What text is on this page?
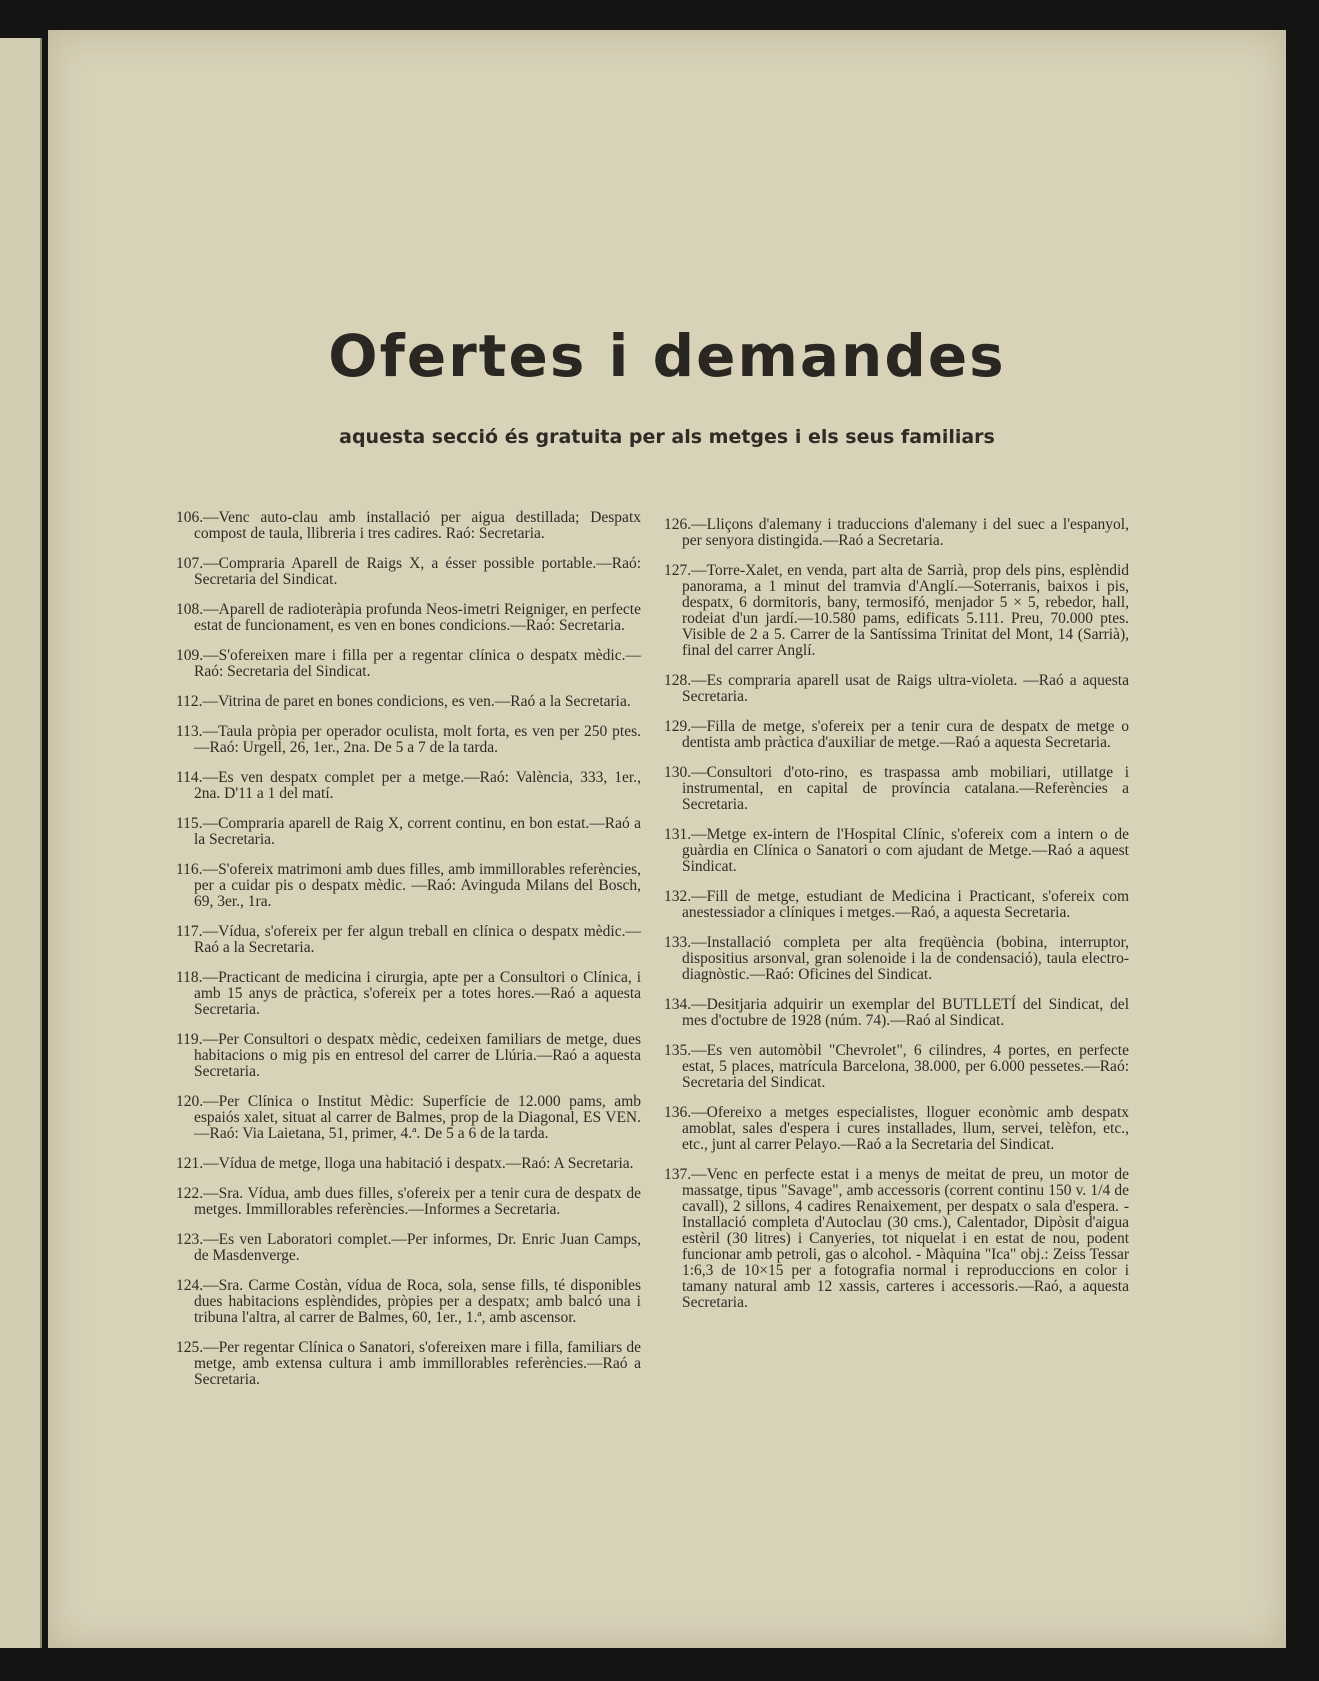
Ofertes i demandes
aquesta secció és gratuita per als metges i els seus familiars

106.—Venc auto-clau amb installació per aigua destillada; Despatx compost de taula, llibreria i tres cadires. Raó: Secretaria.

107.—Compraria Aparell de Raigs X, a ésser possible portable.—Raó: Secretaria del Sindicat.

108.—Aparell de radioteràpia profunda Neos-imetri Reigniger, en perfecte estat de funcionament, es ven en bones condicions.—Raó: Secretaria.

109.—S'ofereixen mare i filla per a regentar clínica o despatx mèdic.—Raó: Secretaria del Sindicat.

112.—Vitrina de paret en bones condicions, es ven.—Raó a la Secretaria.

113.—Taula pròpia per operador oculista, molt forta, es ven per 250 ptes.—Raó: Urgell, 26, 1er., 2na. De 5 a 7 de la tarda.

114.—Es ven despatx complet per a metge.—Raó: València, 333, 1er., 2na. D'11 a 1 del matí.

115.—Compraria aparell de Raig X, corrent continu, en bon estat.—Raó a la Secretaria.

116.—S'ofereix matrimoni amb dues filles, amb immillorables referències, per a cuidar pis o despatx mèdic. —Raó: Avinguda Milans del Bosch, 69, 3er., 1ra.

117.—Vídua, s'ofereix per fer algun treball en clínica o despatx mèdic.—Raó a la Secretaria.

118.—Practicant de medicina i cirurgia, apte per a Consultori o Clínica, i amb 15 anys de pràctica, s'ofereix per a totes hores.—Raó a aquesta Secretaria.

119.—Per Consultori o despatx mèdic, cedeixen familiars de metge, dues habitacions o mig pis en entresol del carrer de Llúria.—Raó a aquesta Secretaria.

120.—Per Clínica o Institut Mèdic: Superfície de 12.000 pams, amb espaiós xalet, situat al carrer de Balmes, prop de la Diagonal, ES VEN.—Raó: Via Laietana, 51, primer, 4.ª. De 5 a 6 de la tarda.

121.—Vídua de metge, lloga una habitació i despatx.—Raó: A Secretaria.

122.—Sra. Vídua, amb dues filles, s'ofereix per a tenir cura de despatx de metges. Immillorables referències.—Informes a Secretaria.

123.—Es ven Laboratori complet.—Per informes, Dr. Enric Juan Camps, de Masdenverge.

124.—Sra. Carme Costàn, vídua de Roca, sola, sense fills, té disponibles dues habitacions esplèndides, pròpies per a despatx; amb balcó una i tribuna l'altra, al carrer de Balmes, 60, 1er., 1.ª, amb ascensor.

125.—Per regentar Clínica o Sanatori, s'ofereixen mare i filla, familiars de metge, amb extensa cultura i amb immillorables referències.—Raó a Secretaria.

126.—Lliçons d'alemany i traduccions d'alemany i del suec a l'espanyol, per senyora distingida.—Raó a Secretaria.

127.—Torre-Xalet, en venda, part alta de Sarrià, prop dels pins, esplèndid panorama, a 1 minut del tramvia d'Anglí.—Soterranis, baixos i pis, despatx, 6 dormitoris, bany, termosifó, menjador 5 × 5, rebedor, hall, rodeiat d'un jardí.—10.580 pams, edificats 5.111. Preu, 70.000 ptes. Visible de 2 a 5. Carrer de la Santíssima Trinitat del Mont, 14 (Sarrià), final del carrer Anglí.

128.—Es compraria aparell usat de Raigs ultra-violeta. —Raó a aquesta Secretaria.

129.—Filla de metge, s'ofereix per a tenir cura de despatx de metge o dentista amb pràctica d'auxiliar de metge.—Raó a aquesta Secretaria.

130.—Consultori d'oto-rino, es traspassa amb mobiliari, utillatge i instrumental, en capital de província catalana.—Referències a Secretaria.

131.—Metge ex-intern de l'Hospital Clínic, s'ofereix com a intern o de guàrdia en Clínica o Sanatori o com ajudant de Metge.—Raó a aquest Sindicat.

132.—Fill de metge, estudiant de Medicina i Practicant, s'ofereix com anestessiador a clíniques i metges.—Raó, a aquesta Secretaria.

133.—Installació completa per alta freqüència (bobina, interruptor, dispositius arsonval, gran solenoide i la de condensació), taula electro-diagnòstic.—Raó: Oficines del Sindicat.

134.—Desitjaria adquirir un exemplar del BUTLLETÍ del Sindicat, del mes d'octubre de 1928 (núm. 74).—Raó al Sindicat.

135.—Es ven automòbil "Chevrolet", 6 cilindres, 4 portes, en perfecte estat, 5 places, matrícula Barcelona, 38.000, per 6.000 pessetes.—Raó: Secretaria del Sindicat.

136.—Ofereixo a metges especialistes, lloguer econòmic amb despatx amoblat, sales d'espera i cures installades, llum, servei, telèfon, etc., etc., junt al carrer Pelayo.—Raó a la Secretaria del Sindicat.

137.—Venc en perfecte estat i a menys de meitat de preu, un motor de massatge, tipus "Savage", amb accessoris (corrent continu 150 v. 1/4 de cavall), 2 sillons, 4 cadires Renaixement, per despatx o sala d'espera. - Installació completa d'Autoclau (30 cms.), Calentador, Dipòsit d'aigua estèril (30 litres) i Canyeries, tot niquelat i en estat de nou, podent funcionar amb petroli, gas o alcohol. - Màquina "Ica" obj.: Zeiss Tessar 1:6,3 de 10×15 per a fotografia normal i reproduccions en color i tamany natural amb 12 xassis, carteres i accessoris.—Raó, a aquesta Secretaria.
